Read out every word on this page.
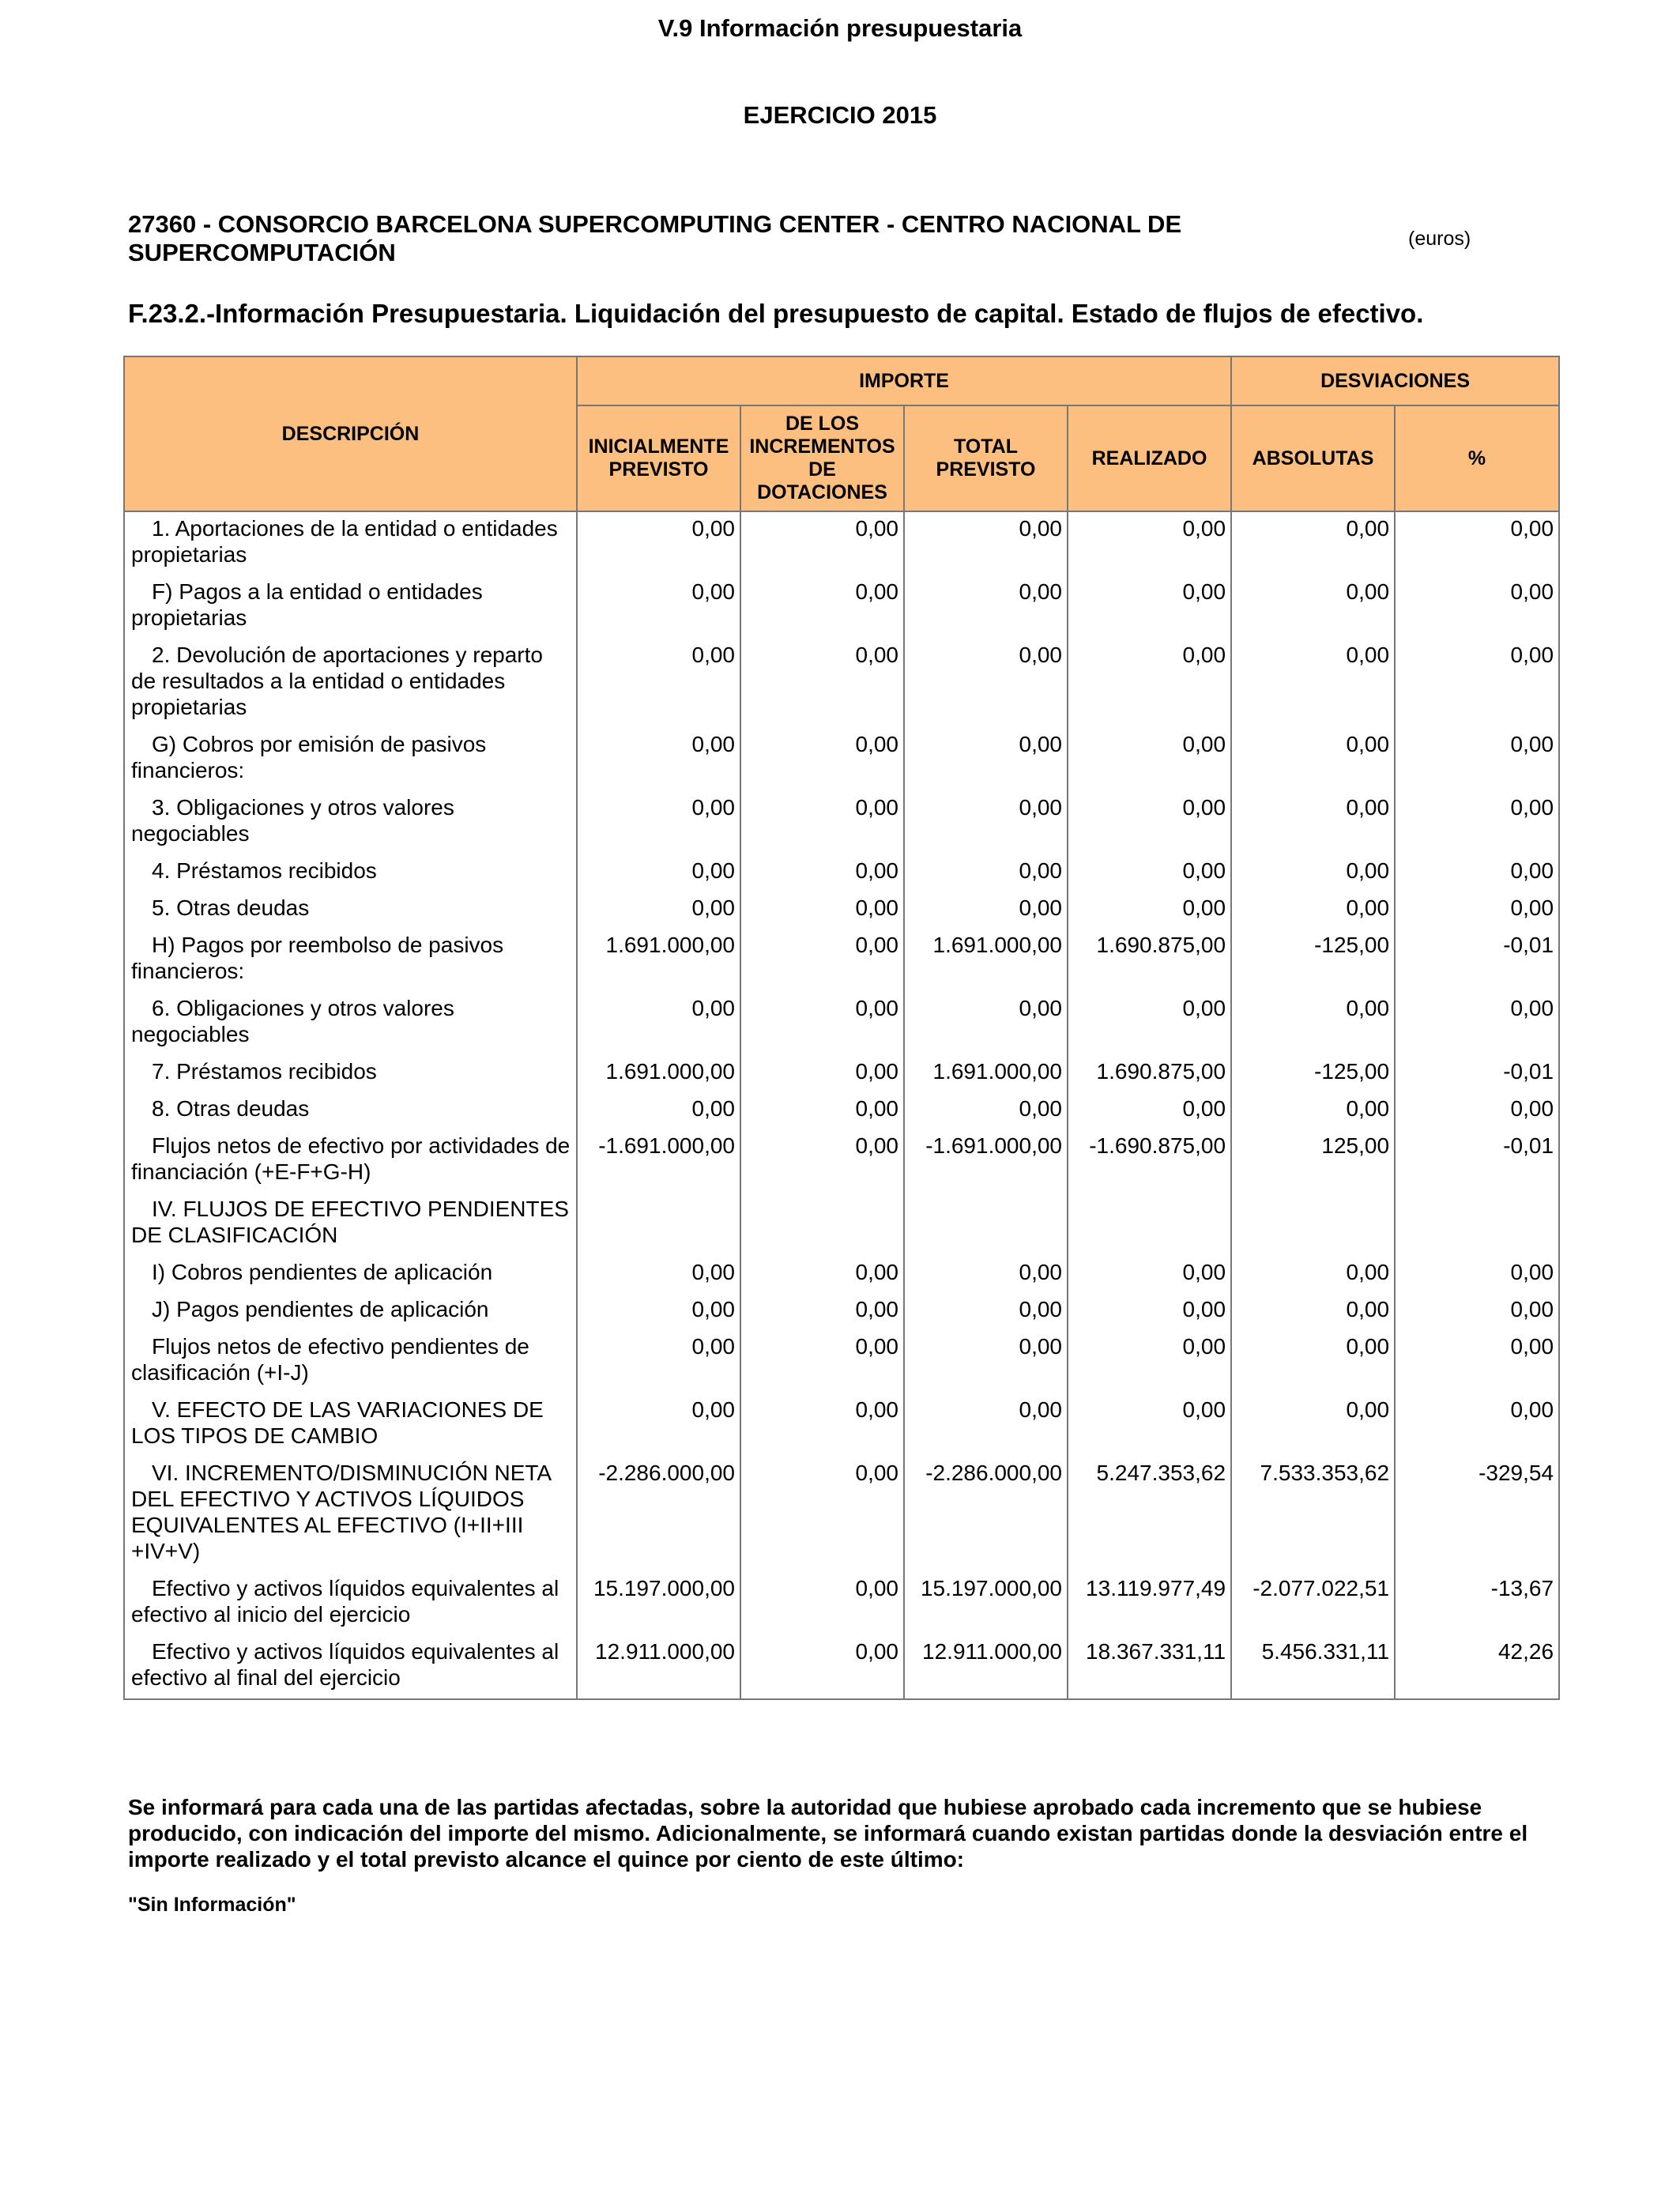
V.9 Información presupuestaria
EJERCICIO 2015
27360 - CONSORCIO BARCELONA SUPERCOMPUTING CENTER - CENTRO NACIONAL DE SUPERCOMPUTACIÓN	(euros)
F.23.2.-Información Presupuestaria. Liquidación del presupuesto de capital. Estado de flujos de efectivo.
DESCRIPCIÓN	IMPORTE				DESVIACIONES	
	INICIALMENTE PREVISTO	DE LOS INCREMENTOS DE DOTACIONES	TOTAL PREVISTO	REALIZADO	ABSOLUTAS	%
1. Aportaciones de la entidad o entidades propietarias	0,00	0,00	0,00	0,00	0,00	0,00
F) Pagos a la entidad o entidades propietarias	0,00	0,00	0,00	0,00	0,00	0,00
2. Devolución de aportaciones y reparto de resultados a la entidad o entidades propietarias	0,00	0,00	0,00	0,00	0,00	0,00
G) Cobros por emisión de pasivos financieros:	0,00	0,00	0,00	0,00	0,00	0,00
3. Obligaciones y otros valores negociables	0,00	0,00	0,00	0,00	0,00	0,00
4. Préstamos recibidos	0,00	0,00	0,00	0,00	0,00	0,00
5. Otras deudas	0,00	0,00	0,00	0,00	0,00	0,00
H) Pagos por reembolso de pasivos financieros:	1.691.000,00	0,00	1.691.000,00	1.690.875,00	-125,00	-0,01
6. Obligaciones y otros valores negociables	0,00	0,00	0,00	0,00	0,00	0,00
7. Préstamos recibidos	1.691.000,00	0,00	1.691.000,00	1.690.875,00	-125,00	-0,01
8. Otras deudas	0,00	0,00	0,00	0,00	0,00	0,00
Flujos netos de efectivo por actividades de financiación (+E-F+G-H)	-1.691.000,00	0,00	-1.691.000,00	-1.690.875,00	125,00	-0,01
IV. FLUJOS DE EFECTIVO PENDIENTES DE CLASIFICACIÓN						
I) Cobros pendientes de aplicación	0,00	0,00	0,00	0,00	0,00	0,00
J) Pagos pendientes de aplicación	0,00	0,00	0,00	0,00	0,00	0,00
Flujos netos de efectivo pendientes de clasificación (+I-J)	0,00	0,00	0,00	0,00	0,00	0,00
V. EFECTO DE LAS VARIACIONES DE LOS TIPOS DE CAMBIO	0,00	0,00	0,00	0,00	0,00	0,00
VI. INCREMENTO/DISMINUCIÓN NETA DEL EFECTIVO Y ACTIVOS LÍQUIDOS EQUIVALENTES AL EFECTIVO (I+II+III +IV+V)	-2.286.000,00	0,00	-2.286.000,00	5.247.353,62	7.533.353,62	-329,54
Efectivo y activos líquidos equivalentes al efectivo al inicio del ejercicio	15.197.000,00	0,00	15.197.000,00	13.119.977,49	-2.077.022,51	-13,67
Efectivo y activos líquidos equivalentes al efectivo al final del ejercicio	12.911.000,00	0,00	12.911.000,00	18.367.331,11	5.456.331,11	42,26
Se informará para cada una de las partidas afectadas, sobre la autoridad que hubiese aprobado cada incremento que se hubiese producido, con indicación del importe del mismo. Adicionalmente, se informará cuando existan partidas donde la desviación entre el importe realizado y el total previsto alcance el quince por ciento de este último:
"Sin Información"
